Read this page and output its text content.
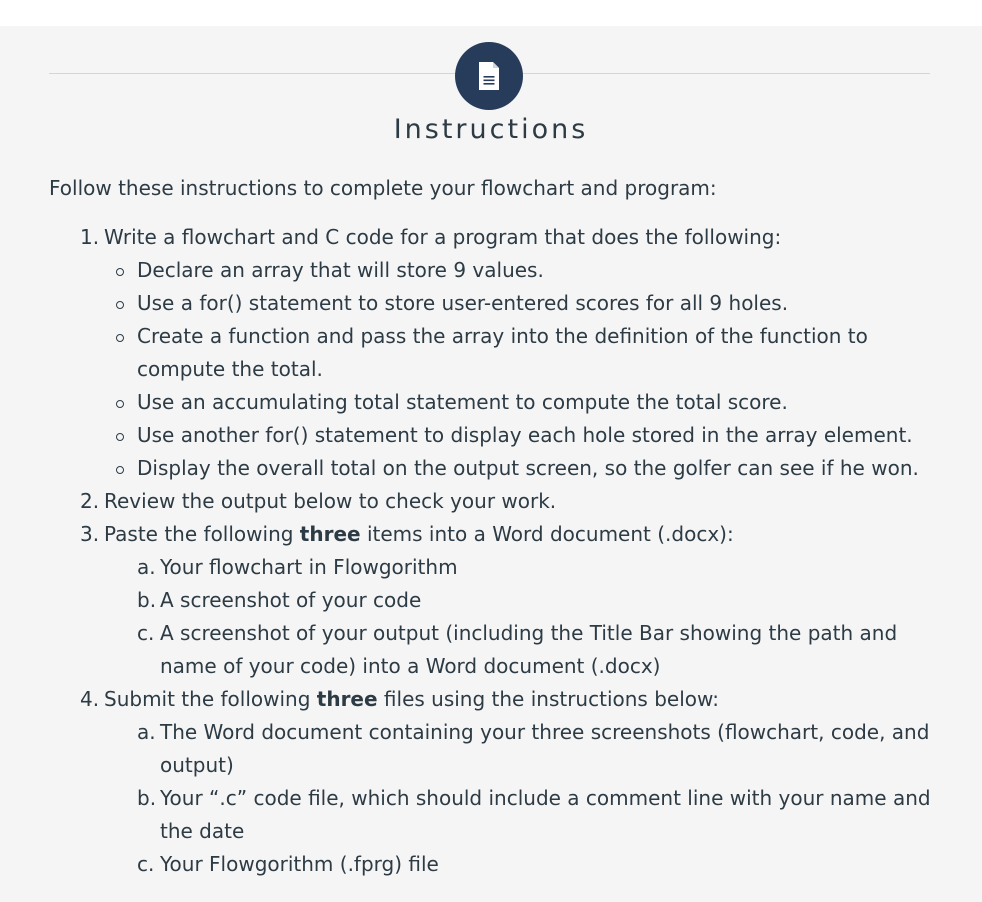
Instructions

Follow these instructions to complete your flowchart and program:

1. Write a flowchart and C code for a program that does the following:
Declare an array that will store 9 values.
Use a for() statement to store user-entered scores for all 9 holes.
Create a function and pass the array into the definition of the function to compute the total.
Use an accumulating total statement to compute the total score.
Use another for() statement to display each hole stored in the array element.
Display the overall total on the output screen, so the golfer can see if he won.
2. Review the output below to check your work.
3. Paste the following three items into a Word document (.docx):
a. Your flowchart in Flowgorithm
b. A screenshot of your code
c. A screenshot of your output (including the Title Bar showing the path and name of your code) into a Word document (.docx)
4. Submit the following three files using the instructions below:
a. The Word document containing your three screenshots (flowchart, code, and output)
b. Your “.c” code file, which should include a comment line with your name and the date
c. Your Flowgorithm (.fprg) file
